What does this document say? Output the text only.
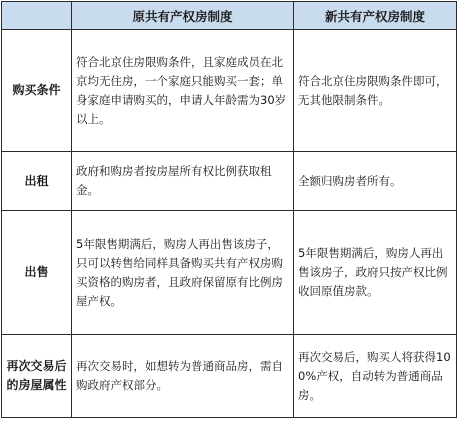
	原共有产权房制度	新共有产权房制度
购买条件	符合北京住房限购条件，且家庭成员在北京均无住房，一个家庭只能购买一套；单身家庭申请购买的，申请人年龄需为30岁以上。	符合北京住房限购条件即可，无其他限制条件。
出租	政府和购房者按房屋所有权比例获取租金。	全额归购房者所有。
出售	5年限售期满后，购房人再出售该房子，只可以转售给同样具备购买共有产权房购买资格的购房者，且政府保留原有比例房屋产权。	5年限售期满后，购房人再出售该房子，政府只按产权比例收回原值房款。
再次交易后的房屋属性	再次交易时，如想转为普通商品房，需自购政府产权部分。	再次交易后，购买人将获得100%产权，自动转为普通商品房。
